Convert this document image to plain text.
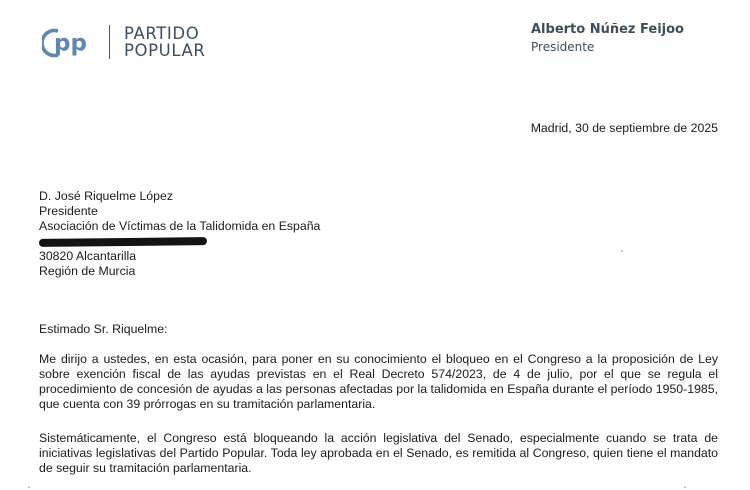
pp PARTIDO
POPULAR
Alberto Núñez Feijoo
Presidente
Madrid, 30 de septiembre de 2025
D. José Riquelme López
Presidente
Asociación de Víctimas de la Talidomida en España
30820 Alcantarilla
Región de Murcia
Estimado Sr. Riquelme:
Me dirijo a ustedes, en esta ocasión, para poner en su conocimiento el bloqueo en el Congreso a la proposición de Ley sobre exención fiscal de las ayudas previstas en el Real Decreto 574/2023, de 4 de julio, por el que se regula el procedimiento de concesión de ayudas a las personas afectadas por la talidomida en España durante el período 1950-1985, que cuenta con 39 prórrogas en su tramitación parlamentaria.
Sistemáticamente, el Congreso está bloqueando la acción legislativa del Senado, especialmente cuando se trata de iniciativas legislativas del Partido Popular. Toda ley aprobada en el Senado, es remitida al Congreso, quien tiene el mandato de seguir su tramitación parlamentaria.
